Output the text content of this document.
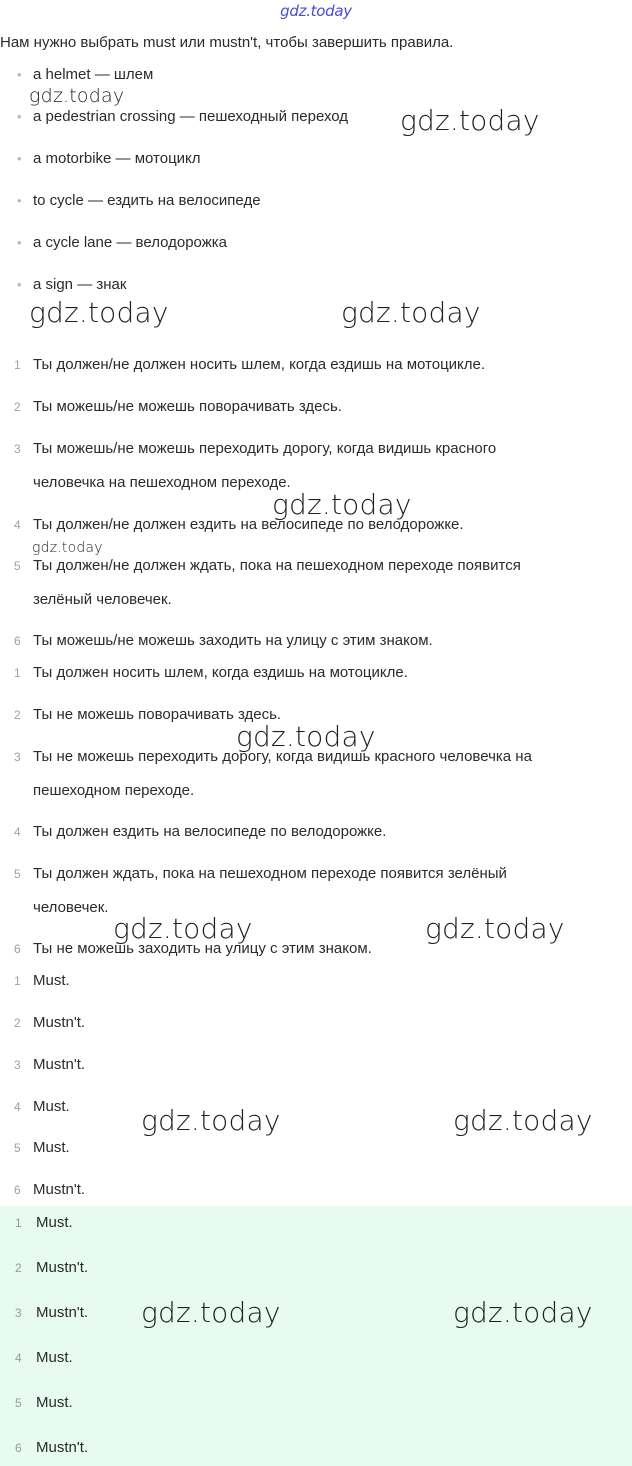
gdz.today
Нам нужно выбрать must или mustn't, чтобы завершить правила.
• a helmet — шлем
• a pedestrian crossing — пешеходный переход
• a motorbike — мотоцикл
• to cycle — ездить на велосипеде
• a cycle lane — велодорожка
• a sign — знак
1 Ты должен/не должен носить шлем, когда ездишь на мотоцикле.
2 Ты можешь/не можешь поворачивать здесь.
3 Ты можешь/не можешь переходить дорогу, когда видишь красного
человечка на пешеходном переходе.
4 Ты должен/не должен ездить на велосипеде по велодорожке.
5 Ты должен/не должен ждать, пока на пешеходном переходе появится
зелёный человечек.
6 Ты можешь/не можешь заходить на улицу с этим знаком.
1 Ты должен носить шлем, когда ездишь на мотоцикле.
2 Ты не можешь поворачивать здесь.
3 Ты не можешь переходить дорогу, когда видишь красного человечка на
пешеходном переходе.
4 Ты должен ездить на велосипеде по велодорожке.
5 Ты должен ждать, пока на пешеходном переходе появится зелёный
человечек.
6 Ты не можешь заходить на улицу с этим знаком.
1 Must.
2 Mustn't.
3 Mustn't.
4 Must.
5 Must.
6 Mustn't.
1 Must.
2 Mustn't.
3 Mustn't.
4 Must.
5 Must.
6 Mustn't.
gdz.today
gdz.today
gdz.today	gdz.today
gdz.today
gdz.today
gdz.today
gdz.today	gdz.today
gdz.today	gdz.today
gdz.today	gdz.today
